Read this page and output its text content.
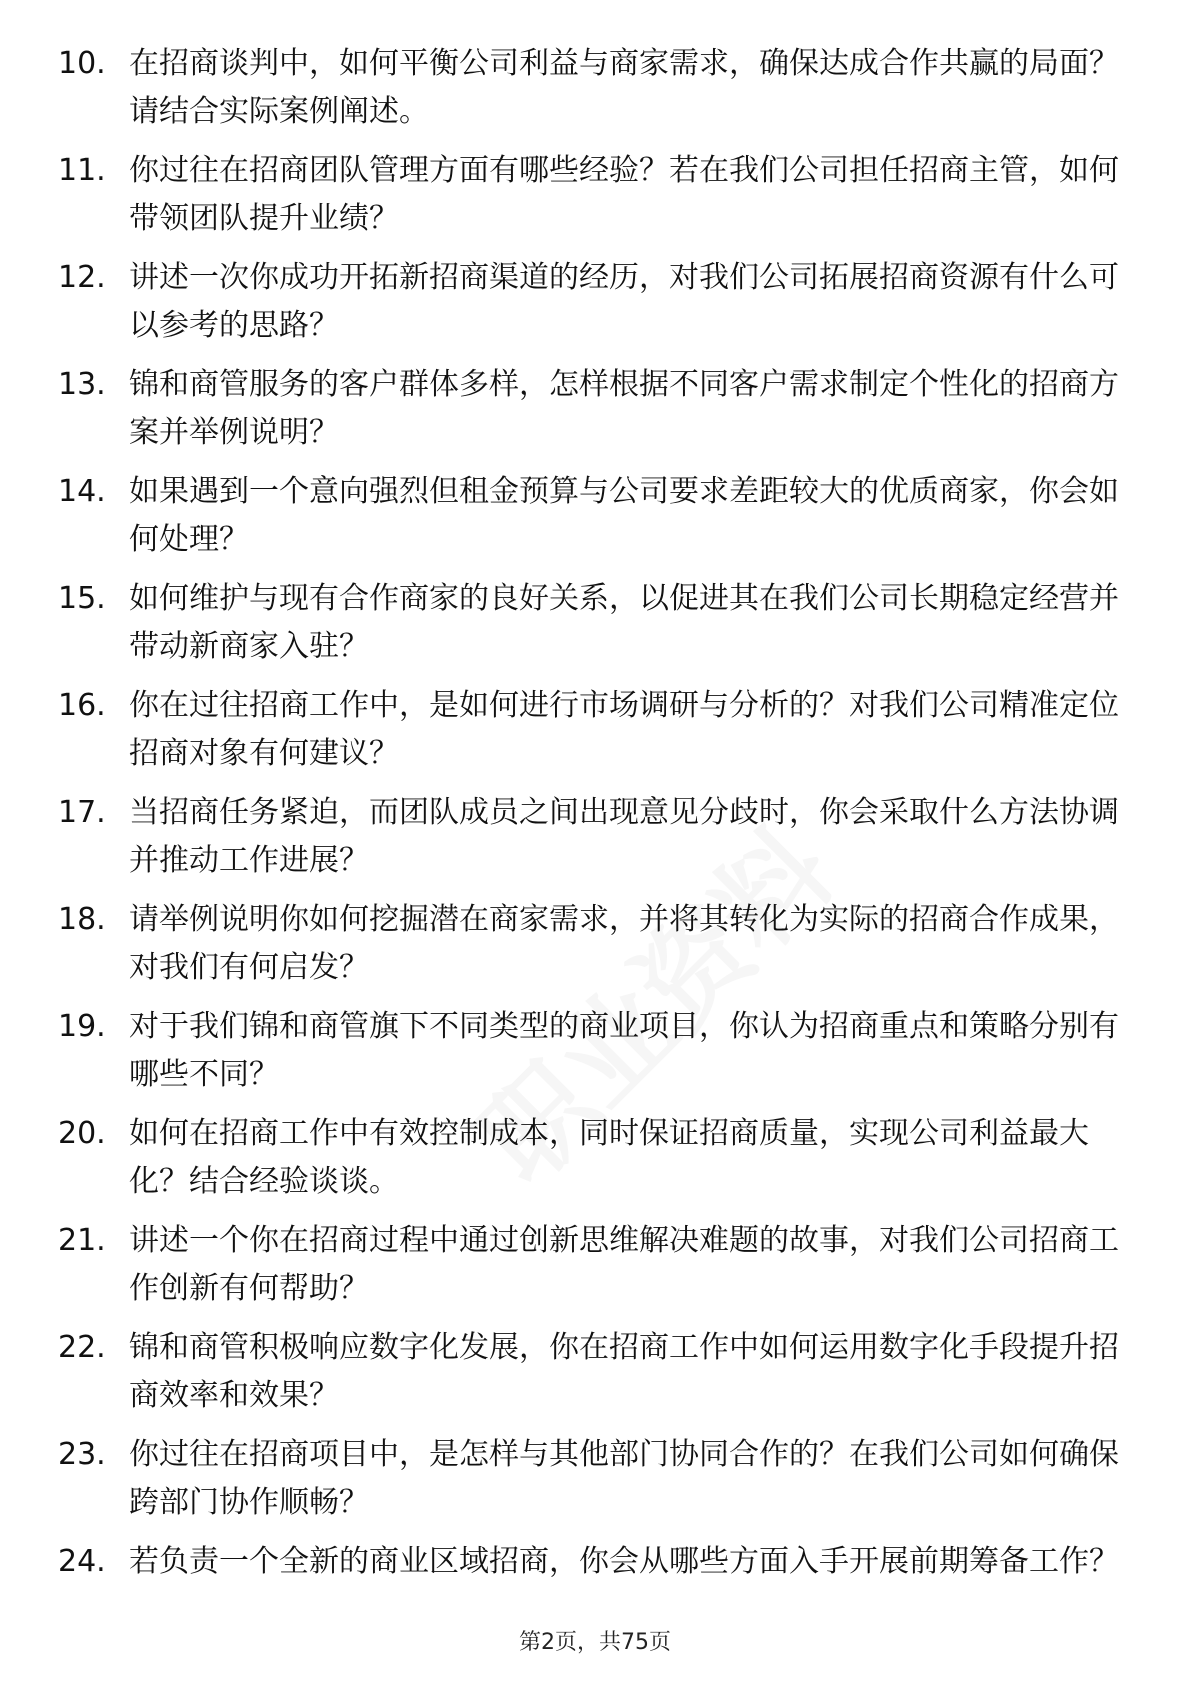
10. 在招商谈判中，如何平衡公司利益与商家需求，确保达成合作共赢的局面？请结合实际案例阐述。
11. 你过往在招商团队管理方面有哪些经验？若在我们公司担任招商主管，如何带领团队提升业绩？
12. 讲述一次你成功开拓新招商渠道的经历，对我们公司拓展招商资源有什么可以参考的思路？
13. 锦和商管服务的客户群体多样，怎样根据不同客户需求制定个性化的招商方案并举例说明？
14. 如果遇到一个意向强烈但租金预算与公司要求差距较大的优质商家，你会如何处理？
15. 如何维护与现有合作商家的良好关系，以促进其在我们公司长期稳定经营并带动新商家入驻？
16. 你在过往招商工作中，是如何进行市场调研与分析的？对我们公司精准定位招商对象有何建议？
17. 当招商任务紧迫，而团队成员之间出现意见分歧时，你会采取什么方法协调并推动工作进展？
18. 请举例说明你如何挖掘潜在商家需求，并将其转化为实际的招商合作成果，对我们有何启发？
19. 对于我们锦和商管旗下不同类型的商业项目，你认为招商重点和策略分别有哪些不同？
20. 如何在招商工作中有效控制成本，同时保证招商质量，实现公司利益最大化？结合经验谈谈。
21. 讲述一个你在招商过程中通过创新思维解决难题的故事，对我们公司招商工作创新有何帮助？
22. 锦和商管积极响应数字化发展，你在招商工作中如何运用数字化手段提升招商效率和效果？
23. 你过往在招商项目中，是怎样与其他部门协同合作的？在我们公司如何确保跨部门协作顺畅？
24. 若负责一个全新的商业区域招商，你会从哪些方面入手开展前期筹备工作？
第2页，共75页
